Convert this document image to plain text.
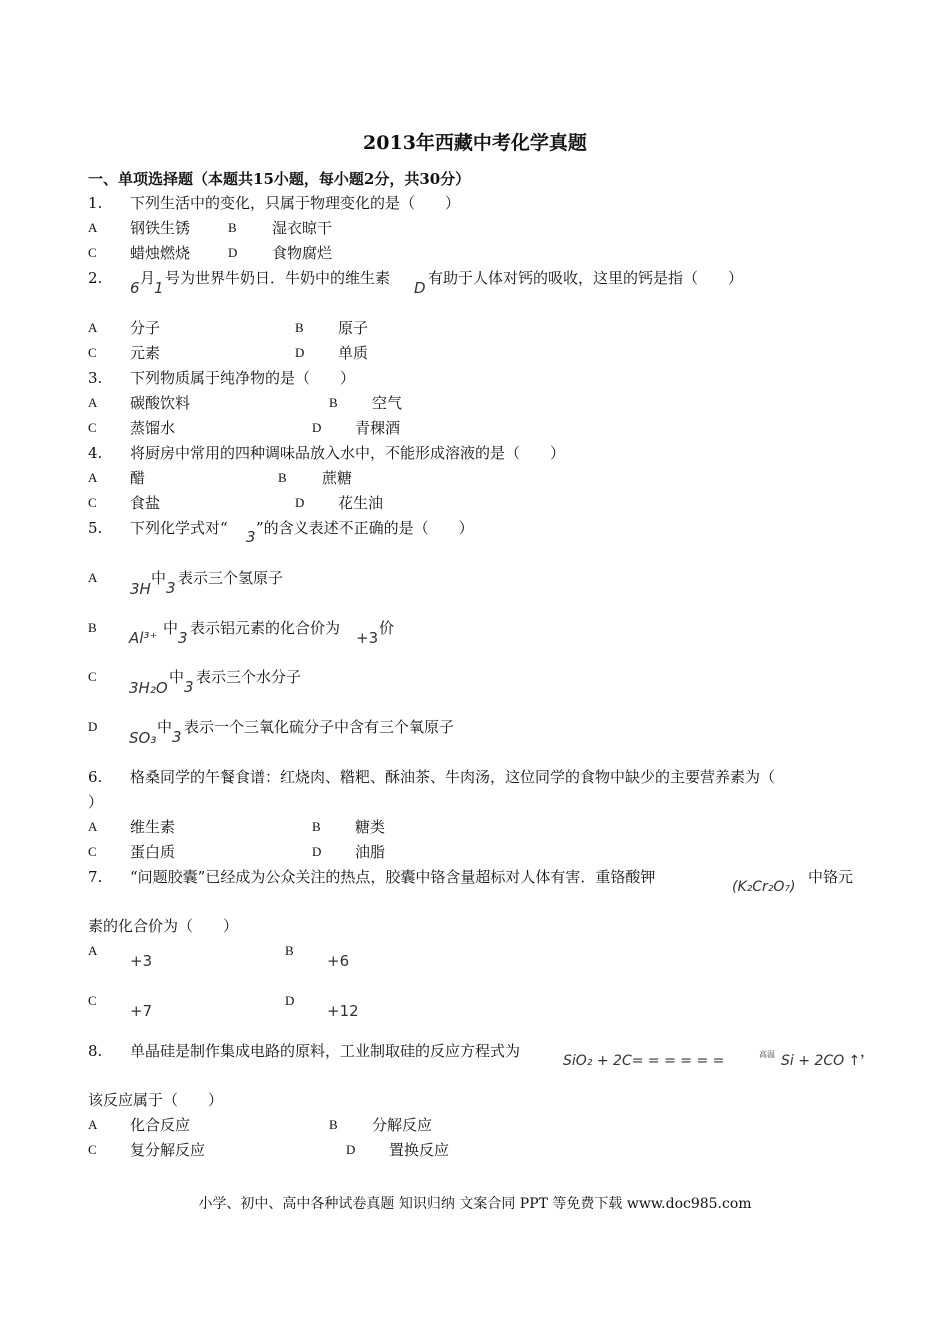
2013年西藏中考化学真题
一、单项选择题（本题共15小题，每小题2分，共30分）
1. 下列生活中的变化，只属于物理变化的是（　　）
A 钢铁生锈	B 湿衣晾干
C 蜡烛燃烧	D 食物腐烂
2.
6
月
1
号为世界牛奶日．牛奶中的维生素
D
有助于人体对钙的吸收，这里的钙是指（　　）
A 分子	B 原子
C 元素	D 单质
3. 下列物质属于纯净物的是（　　）
A 碳酸饮料	B 空气
C 蒸馏水	D 青稞酒
4. 将厨房中常用的四种调味品放入水中，不能形成溶液的是（　　）
A 醋	B 蔗糖
C 食盐	D 花生油
5. 下列化学式对“ 3 ”的含义表述不正确的是（　　）
A
3H
中
3
表示三个氢原子
B
Al³⁺
中
3
表示铝元素的化合价为
+3
价
C
3H₂O
中
3
表示三个水分子
D
SO₃
中
3
表示一个三氧化硫分子中含有三个氧原子
6. 格桑同学的午餐食谱：红烧肉、糌粑、酥油茶、牛肉汤，这位同学的食物中缺少的主要营养素为（
）
A 维生素	B 糖类
C 蛋白质	D 油脂
7. “问题胶囊”已经成为公众关注的热点，胶囊中铬含量超标对人体有害．重铬酸钾
(K₂Cr₂O₇)
中铬元
素的化合价为（　　）
A
+3
B
+6
C
+7
D
+12
8. 单晶硅是制作集成电路的原料，工业制取硅的反应方程式为
SiO₂ + 2C= = = = = =	高温 Si + 2CO ↑
，
该反应属于（　　）
A 化合反应	B 分解反应
C 复分解反应	D 置换反应
小学、初中、高中各种试卷真题 知识归纳 文案合同 PPT 等免费下载 www.doc985.com
